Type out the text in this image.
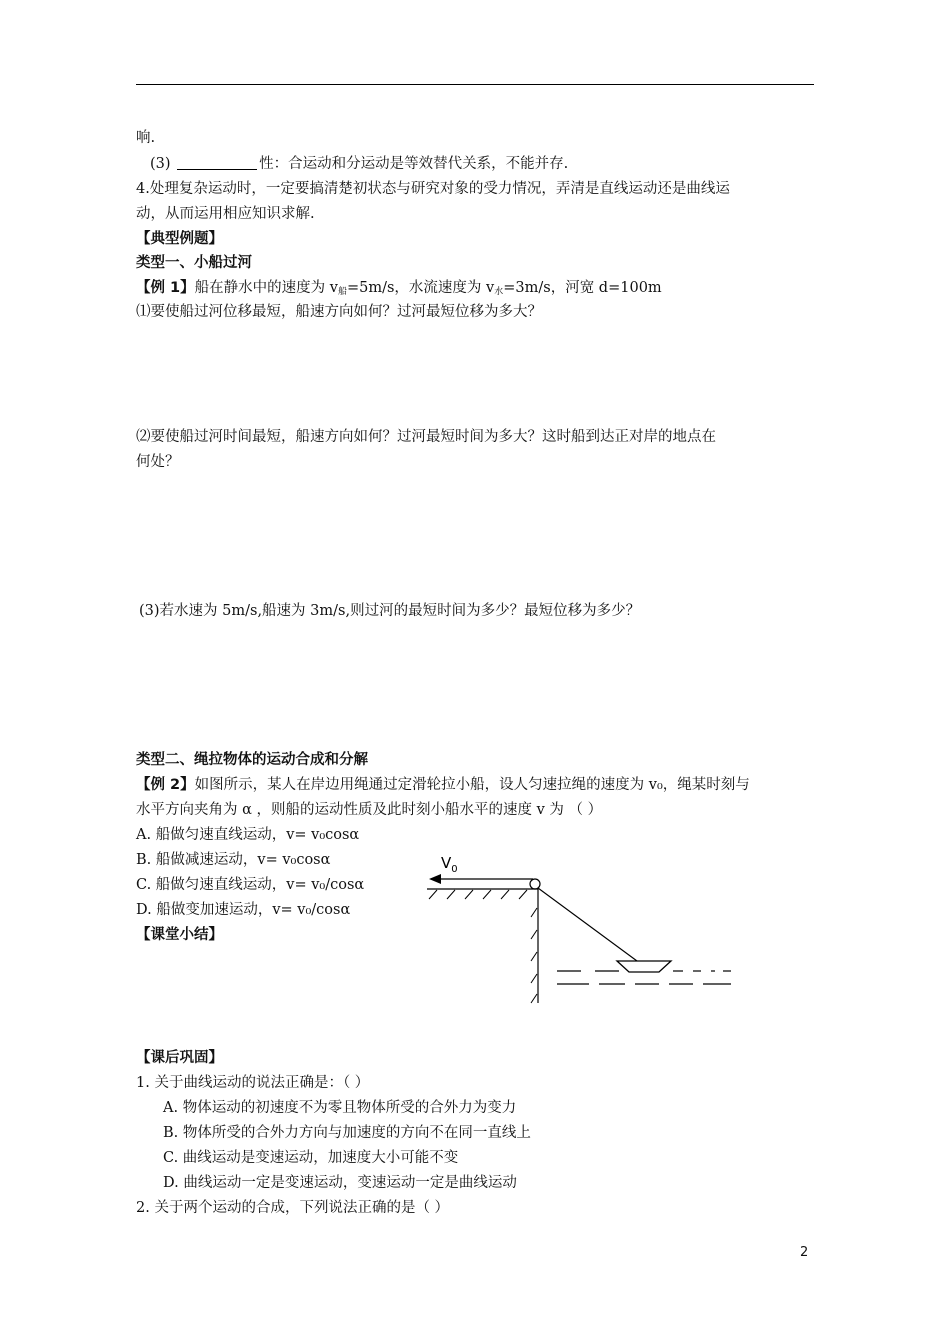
响.
(3)	性：合运动和分运动是等效替代关系，不能并存.
4.处理复杂运动时，一定要搞清楚初状态与研究对象的受力情况，弄清是直线运动还是曲线运
动，从而运用相应知识求解.
【典型例题】
类型一、小船过河
【例 1】船在静水中的速度为 $v_船=5m/s$，水流速度为 $v_水=3m/s$，河宽 d=100m
⑴要使船过河位移最短，船速方向如何？过河最短位移为多大？
⑵要使船过河时间最短，船速方向如何？过河最短时间为多大？这时船到达正对岸的地点在
何处？
(3)若水速为 5m/s,船速为 3m/s,则过河的最短时间为多少？最短位移为多少？
类型二、绳拉物体的运动合成和分解
【例 2】如图所示，某人在岸边用绳通过定滑轮拉小船，设人匀速拉绳的速度为 v₀，绳某时刻与
水平方向夹角为 α ，则船的运动性质及此时刻小船水平的速度 v 为 （ ）
A. 船做匀速直线运动，v= v₀cosα
B. 船做减速运动，v= v₀cosα
C. 船做匀速直线运动，v= v₀/cosα
D. 船做变加速运动，v= v₀/cosα
【课堂小结】
$V_0$
【课后巩固】
1. 关于曲线运动的说法正确是：（ ）
A. 物体运动的初速度不为零且物体所受的合外力为变力
B. 物体所受的合外力方向与加速度的方向不在同一直线上
C. 曲线运动是变速运动，加速度大小可能不变
D. 曲线运动一定是变速运动，变速运动一定是曲线运动
2. 关于两个运动的合成，下列说法正确的是（ ）
2
